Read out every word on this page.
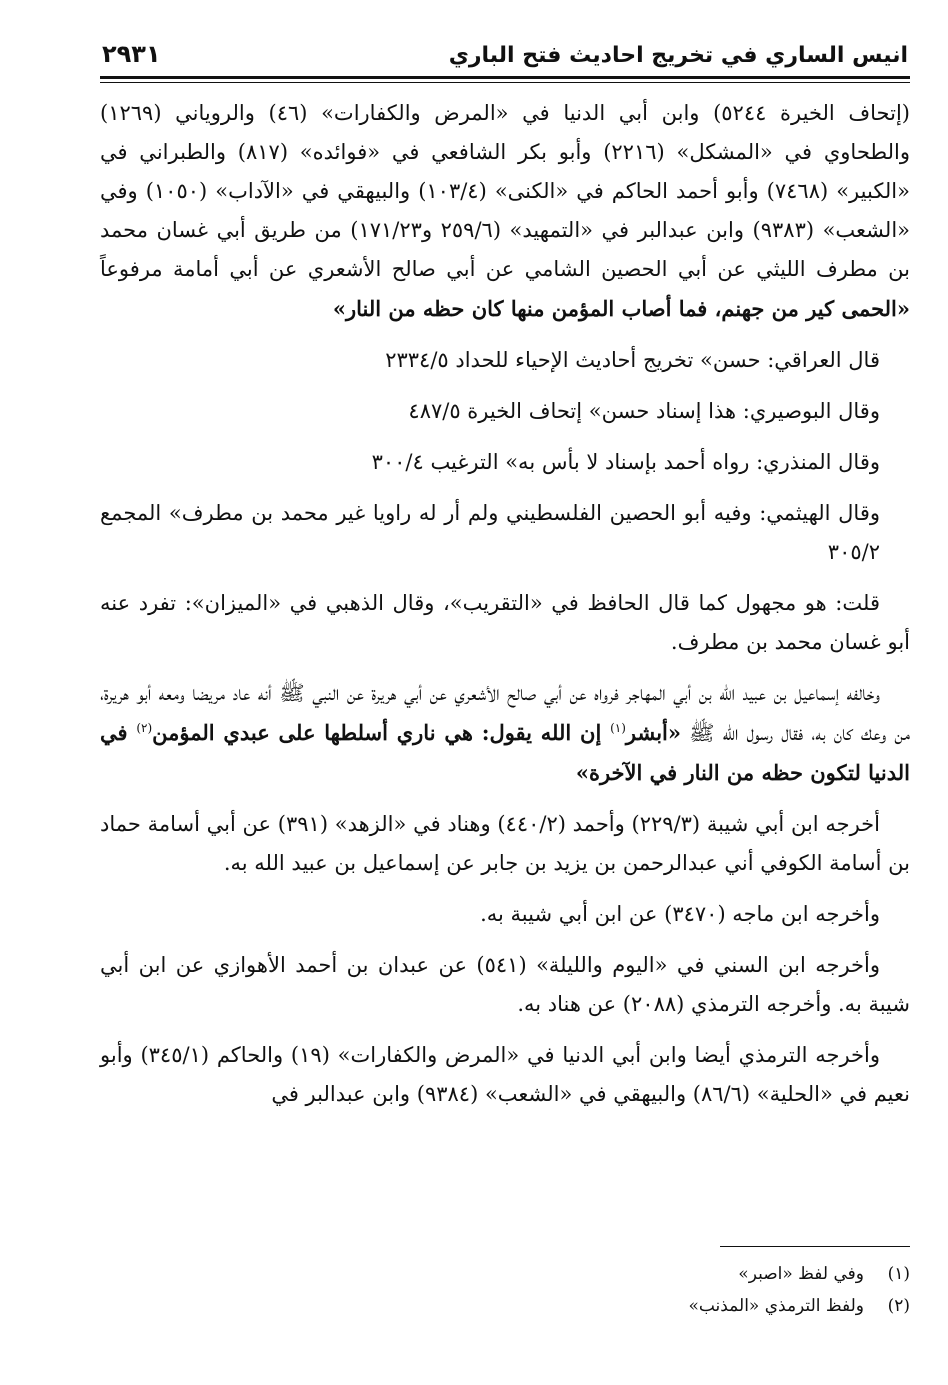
انيس الساري في تخريج احاديث فتح الباري
٢٩٣١

(إتحاف الخيرة ٥٢٤٤) وابن أبي الدنيا في «المرض والكفارات» (٤٦) والروياني (١٢٦٩) والطحاوي في «المشكل» (٢٢١٦) وأبو بكر الشافعي في «فوائده» (٨١٧) والطبراني في «الكبير» (٧٤٦٨) وأبو أحمد الحاكم في «الكنى» (١٠٣/٤) والبيهقي في «الآداب» (١٠٥٠) وفي «الشعب» (٩٣٨٣) وابن عبدالبر في «التمهيد» (٢٥٩/٦ و١٧١/٢٣) من طريق أبي غسان محمد بن مطرف الليثي عن أبي الحصين الشامي عن أبي صالح الأشعري عن أبي أمامة مرفوعاً «الحمى كير من جهنم، فما أصاب المؤمن منها كان حظه من النار»

قال العراقي: حسن» تخريج أحاديث الإحياء للحداد ٢٣٣٤/٥

وقال البوصيري: هذا إسناد حسن» إتحاف الخيرة ٤٨٧/٥

وقال المنذري: رواه أحمد بإسناد لا بأس به» الترغيب ٣٠٠/٤

وقال الهيثمي: وفيه أبو الحصين الفلسطيني ولم أر له راويا غير محمد بن مطرف» المجمع ٣٠٥/٢

قلت: هو مجهول كما قال الحافظ في «التقريب»، وقال الذهبي في «الميزان»: تفرد عنه أبو غسان محمد بن مطرف.

وخالفه إسماعيل بن عبيد الله بن أبي المهاجر فرواه عن أبي صالح الأشعري عن أبي هريرة عن النبي ﷺ أنه عاد مريضا ومعه أبو هريرة، من وعك كان به، فقال رسول الله ﷺ «أبشر$^{(١)}$ إن الله يقول: هي ناري أسلطها على عبدي المؤمن$^{(٢)}$ في الدنيا لتكون حظه من النار في الآخرة»

أخرجه ابن أبي شيبة (٢٢٩/٣) وأحمد (٤٤٠/٢) وهناد في «الزهد» (٣٩١) عن أبي أسامة حماد بن أسامة الكوفي أني عبدالرحمن بن يزيد بن جابر عن إسماعيل بن عبيد الله به.

وأخرجه ابن ماجه (٣٤٧٠) عن ابن أبي شيبة به.

وأخرجه ابن السني في «اليوم والليلة» (٥٤١) عن عبدان بن أحمد الأهوازي عن ابن أبي شيبة به. وأخرجه الترمذي (٢٠٨٨) عن هناد به.

وأخرجه الترمذي أيضا وابن أبي الدنيا في «المرض والكفارات» (١٩) والحاكم (٣٤٥/١) وأبو نعيم في «الحلية» (٨٦/٦) والبيهقي في «الشعب» (٩٣٨٤) وابن عبدالبر في

(١)
وفي لفظ «اصبر»
(٢)
ولفظ الترمذي «المذنب»
